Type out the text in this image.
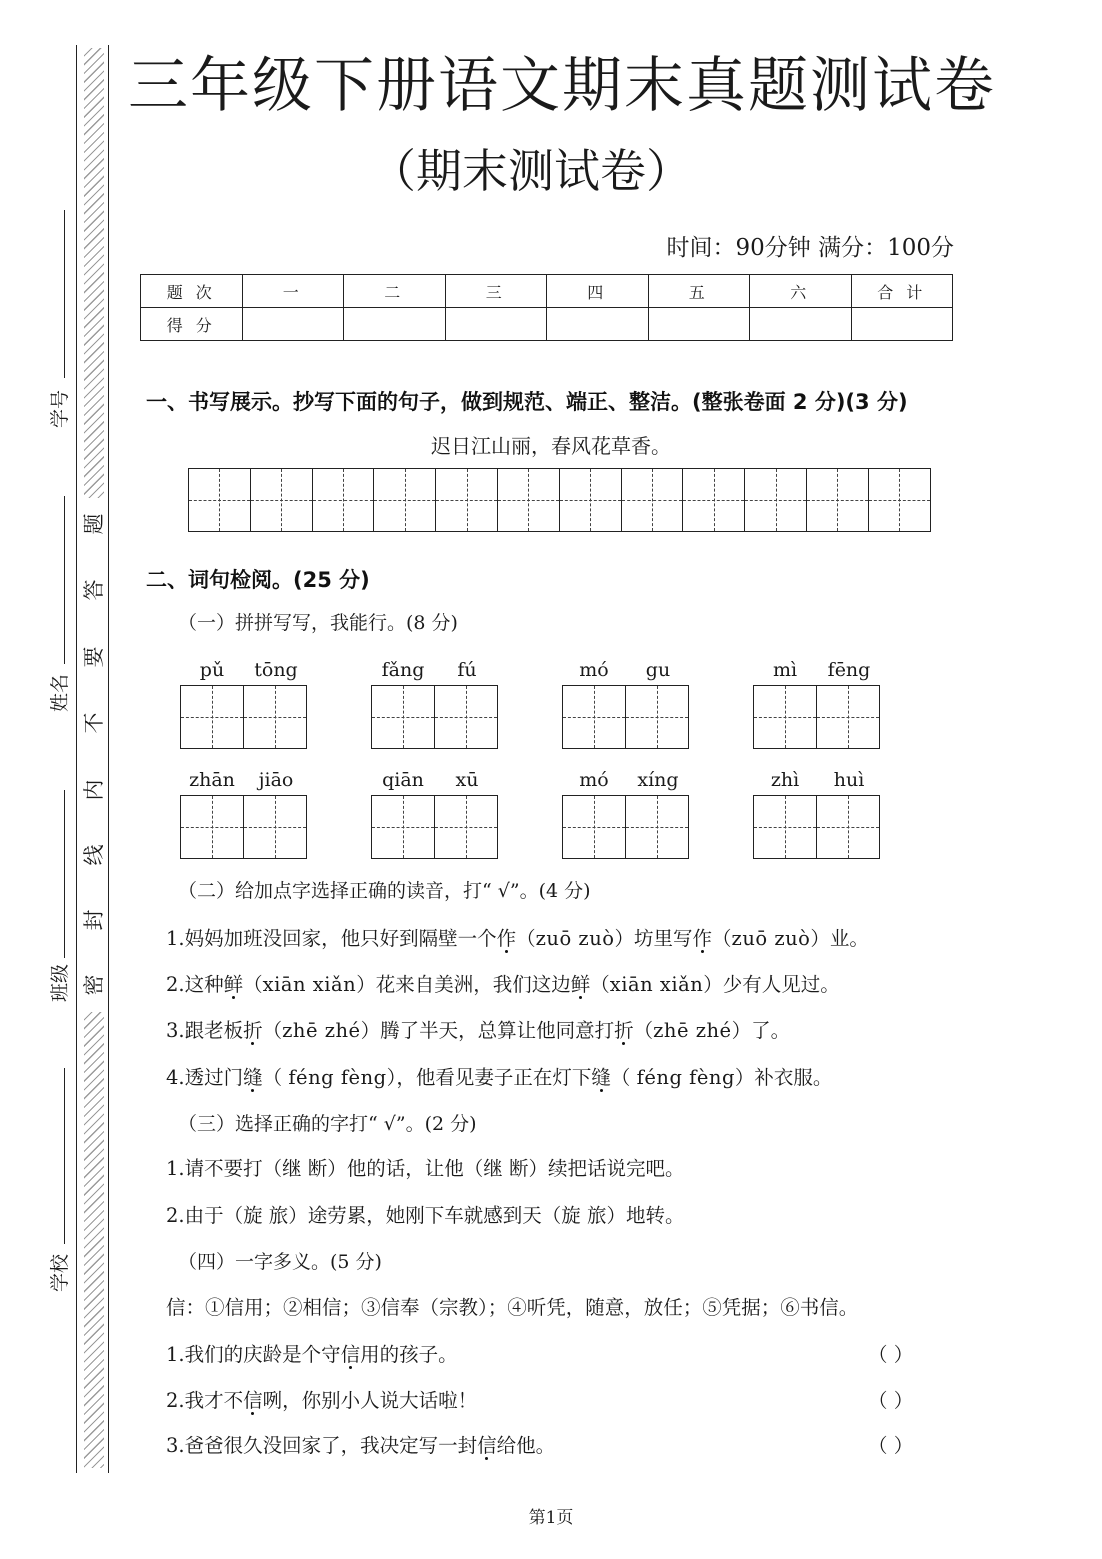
密
封
线
内
不
要
答
题
学号
姓名
班级
学校
三年级下册语文期末真题测试卷
（期末测试卷）
时间：90分钟 满分：100分
题 次	一	二	三	四	五	六	合 计
得 分							
一、书写展示。抄写下面的句子，做到规范、端正、整洁。(整张卷面 2 分)(3 分)
迟日江山丽，春风花草香。
二、词句检阅。(25 分)
（一）拼拼写写，我能行。(8 分)
pǔ	tōng	fǎng	fú	mó	gu	mì	fēng
zhān	jiāo	qiān	xū	mó	xíng	zhì	huì
（二）给加点字选择正确的读音，打“ √”。(4 分)
1.妈妈加班没回家，他只好到隔壁一个作（zuō zuò）坊里写作（zuō zuò）业。
2.这种鲜（xiān xiǎn）花来自美洲，我们这边鲜（xiān xiǎn）少有人见过。
3.跟老板折（zhē zhé）腾了半天，总算让他同意打折（zhē zhé）了。
4.透过门缝（ féng fèng），他看见妻子正在灯下缝（ féng fèng）补衣服。
（三）选择正确的字打“ √”。(2 分)
1.请不要打（继 断）他的话，让他（继 断）续把话说完吧。
2.由于（旋 旅）途劳累，她刚下车就感到天（旋 旅）地转。
（四）一字多义。(5 分)
信：①信用；②相信；③信奉（宗教）；④听凭，随意，放任；⑤凭据；⑥书信。
1.我们的庆龄是个守信用的孩子。	（ ）
2.我才不信咧，你别小人说大话啦！	（ ）
3.爸爸很久没回家了，我决定写一封信给他。	（ ）
第1页
